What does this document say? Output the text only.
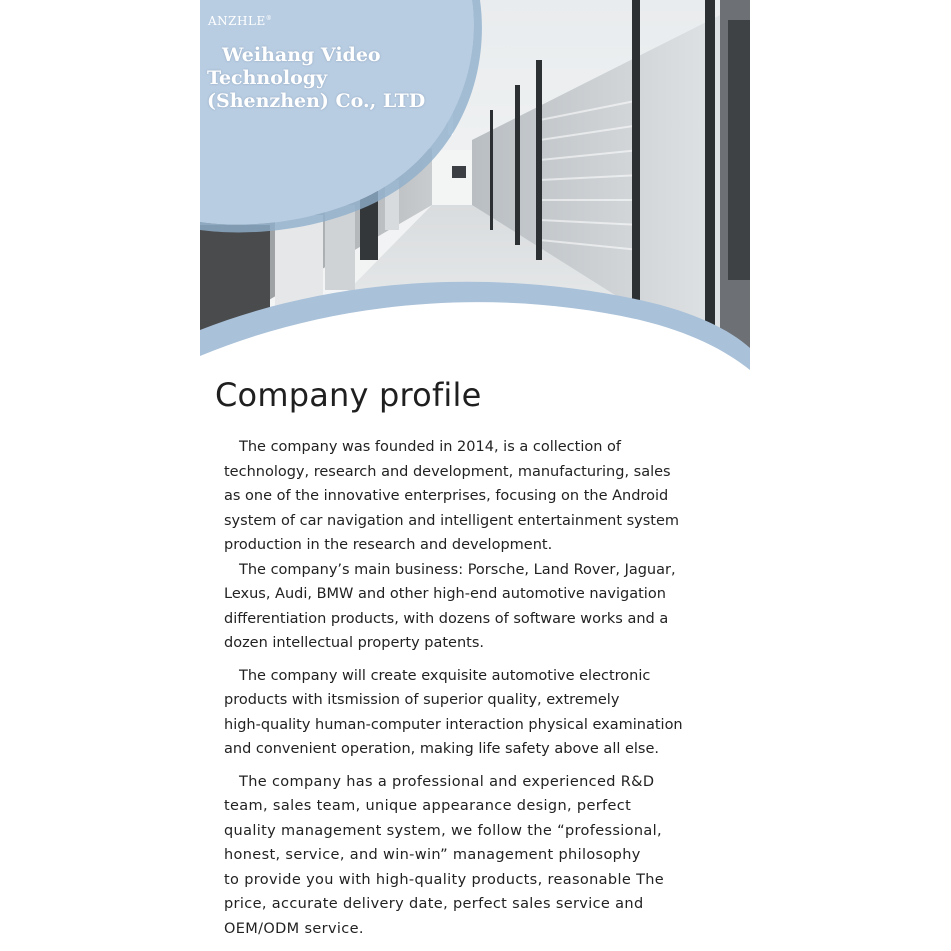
ANZHLE®
Weihang Video Technology (Shenzhen) Co., LTD
Company profile

The company was founded in 2014, is a collection of
technology, research and development, manufacturing, sales
as one of the innovative enterprises, focusing on the Android
system of car navigation and intelligent entertainment system
production in the research and development.

The company’s main business: Porsche, Land Rover, Jaguar,
Lexus, Audi, BMW and other high-end automotive navigation
differentiation products, with dozens of software works and a
dozen intellectual property patents.

The company will create exquisite automotive electronic
products with itsmission of superior quality, extremely
high-quality human-computer interaction physical examination
and convenient operation, making life safety above all else.

The company has a professional and experienced R&D
team, sales team, unique appearance design, perfect
quality management system, we follow the “professional,
honest, service, and win-win” management philosophy
to provide you with high-quality products, reasonable The
price, accurate delivery date, perfect sales service and
OEM/ODM service.
